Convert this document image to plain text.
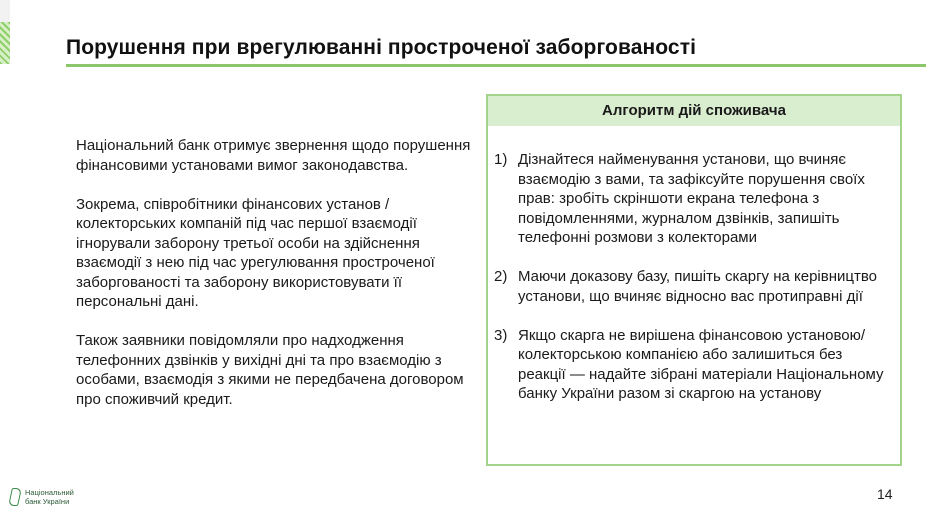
Порушення при врегулюванні простроченої заборгованості

Національний банк отримує звернення щодо порушення фінансовими установами вимог законодавства.

Зокрема, співробітники фінансових установ / колекторських компаній під час першої взаємодії ігнорували заборону третьої особи на здійснення взаємодії з нею під час урегулювання простроченої заборгованості та заборону використовувати її персональні дані.

Також заявники повідомляли про надходження телефонних дзвінків у вихідні дні та про взаємодію з особами, взаємодія з якими не передбачена договором про споживчий кредит.

Алгоритм дій споживача
1) Дізнайтеся найменування установи, що вчиняє взаємодію з вами, та зафіксуйте порушення своїх прав: зробіть скріншоти екрана телефона з повідомленнями, журналом дзвінків, запишіть телефонні розмови з колекторами
2) Маючи доказову базу, пишіть скаргу на керівництво установи, що вчиняє відносно вас протиправні дії
3) Якщо скарга не вирішена фінансовою установою/колекторською компанією або залишиться без реакції — надайте зібрані матеріали Національному банку України разом зі скаргою на установу
Національний
банк України	14
